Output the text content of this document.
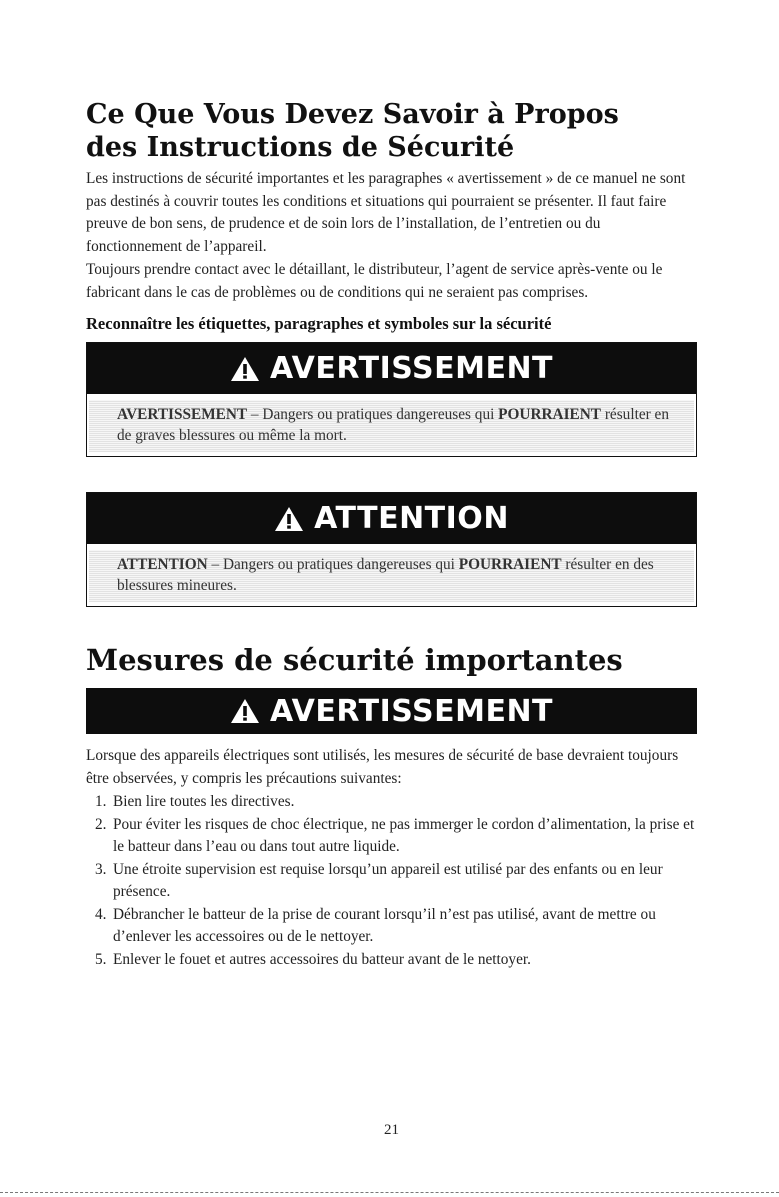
Ce Que Vous Devez Savoir à Propos
des Instructions de Sécurité

Les instructions de sécurité importantes et les paragraphes « avertissement » de ce manuel ne sont pas destinés à couvrir toutes les conditions et situations qui pourraient se présenter. Il faut faire preuve de bon sens, de prudence et de soin lors de l’installation, de l’entretien ou du fonctionnement de l’appareil.

Toujours prendre contact avec le détaillant, le distributeur, l’agent de service après-vente ou le fabricant dans le cas de problèmes ou de conditions qui ne seraient pas comprises.

Reconnaître les étiquettes, paragraphes et symboles sur la sécurité

AVERTISSEMENT
AVERTISSEMENT – Dangers ou pratiques dangereuses qui POURRAIENT résulter en de graves blessures ou même la mort.
ATTENTION
ATTENTION – Dangers ou pratiques dangereuses qui POURRAIENT résulter en des blessures mineures.
Mesures de sécurité importantes
AVERTISSEMENT

Lorsque des appareils électriques sont utilisés, les mesures de sécurité de base devraient toujours être observées, y compris les précautions suivantes:

1. Bien lire toutes les directives.
2. Pour éviter les risques de choc électrique, ne pas immerger le cordon d’alimentation, la prise et le batteur dans l’eau ou dans tout autre liquide.
3. Une étroite supervision est requise lorsqu’un appareil est utilisé par des enfants ou en leur présence.
4. Débrancher le batteur de la prise de courant lorsqu’il n’est pas utilisé, avant de mettre ou d’enlever les accessoires ou de le nettoyer.
5. Enlever le fouet et autres accessoires du batteur avant de le nettoyer.
21
